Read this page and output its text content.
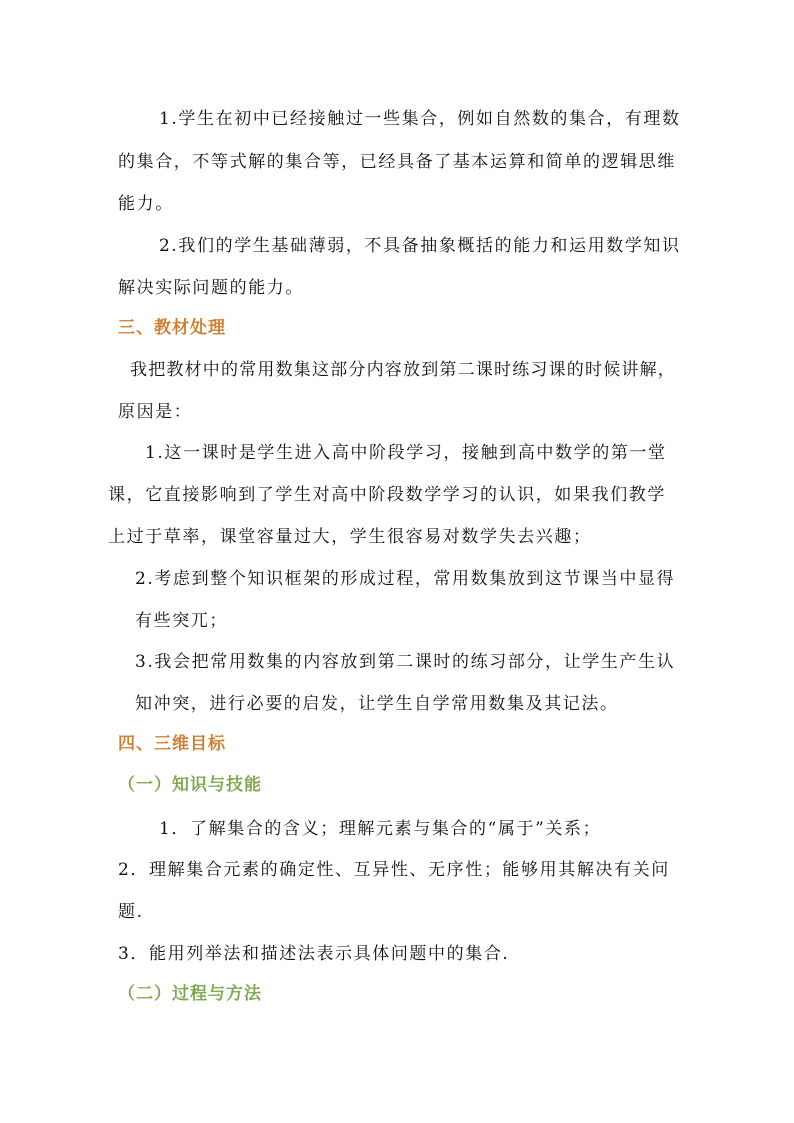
1.学生在初中已经接触过一些集合，例如自然数的集合，有理数
的集合，不等式解的集合等，已经具备了基本运算和简单的逻辑思维
能力。
2.我们的学生基础薄弱，不具备抽象概括的能力和运用数学知识
解决实际问题的能力。
三、教材处理
我把教材中的常用数集这部分内容放到第二课时练习课的时候讲解，
原因是：
1.这一课时是学生进入高中阶段学习，接触到高中数学的第一堂
课，它直接影响到了学生对高中阶段数学学习的认识，如果我们教学
上过于草率，课堂容量过大，学生很容易对数学失去兴趣；
2.考虑到整个知识框架的形成过程，常用数集放到这节课当中显得
有些突兀；
3.我会把常用数集的内容放到第二课时的练习部分，让学生产生认
知冲突，进行必要的启发，让学生自学常用数集及其记法。
四、三维目标
（一）知识与技能
1．了解集合的含义；理解元素与集合的“属于”关系；
2．理解集合元素的确定性、互异性、无序性；能够用其解决有关问
题.
3．能用列举法和描述法表示具体问题中的集合.
（二）过程与方法
